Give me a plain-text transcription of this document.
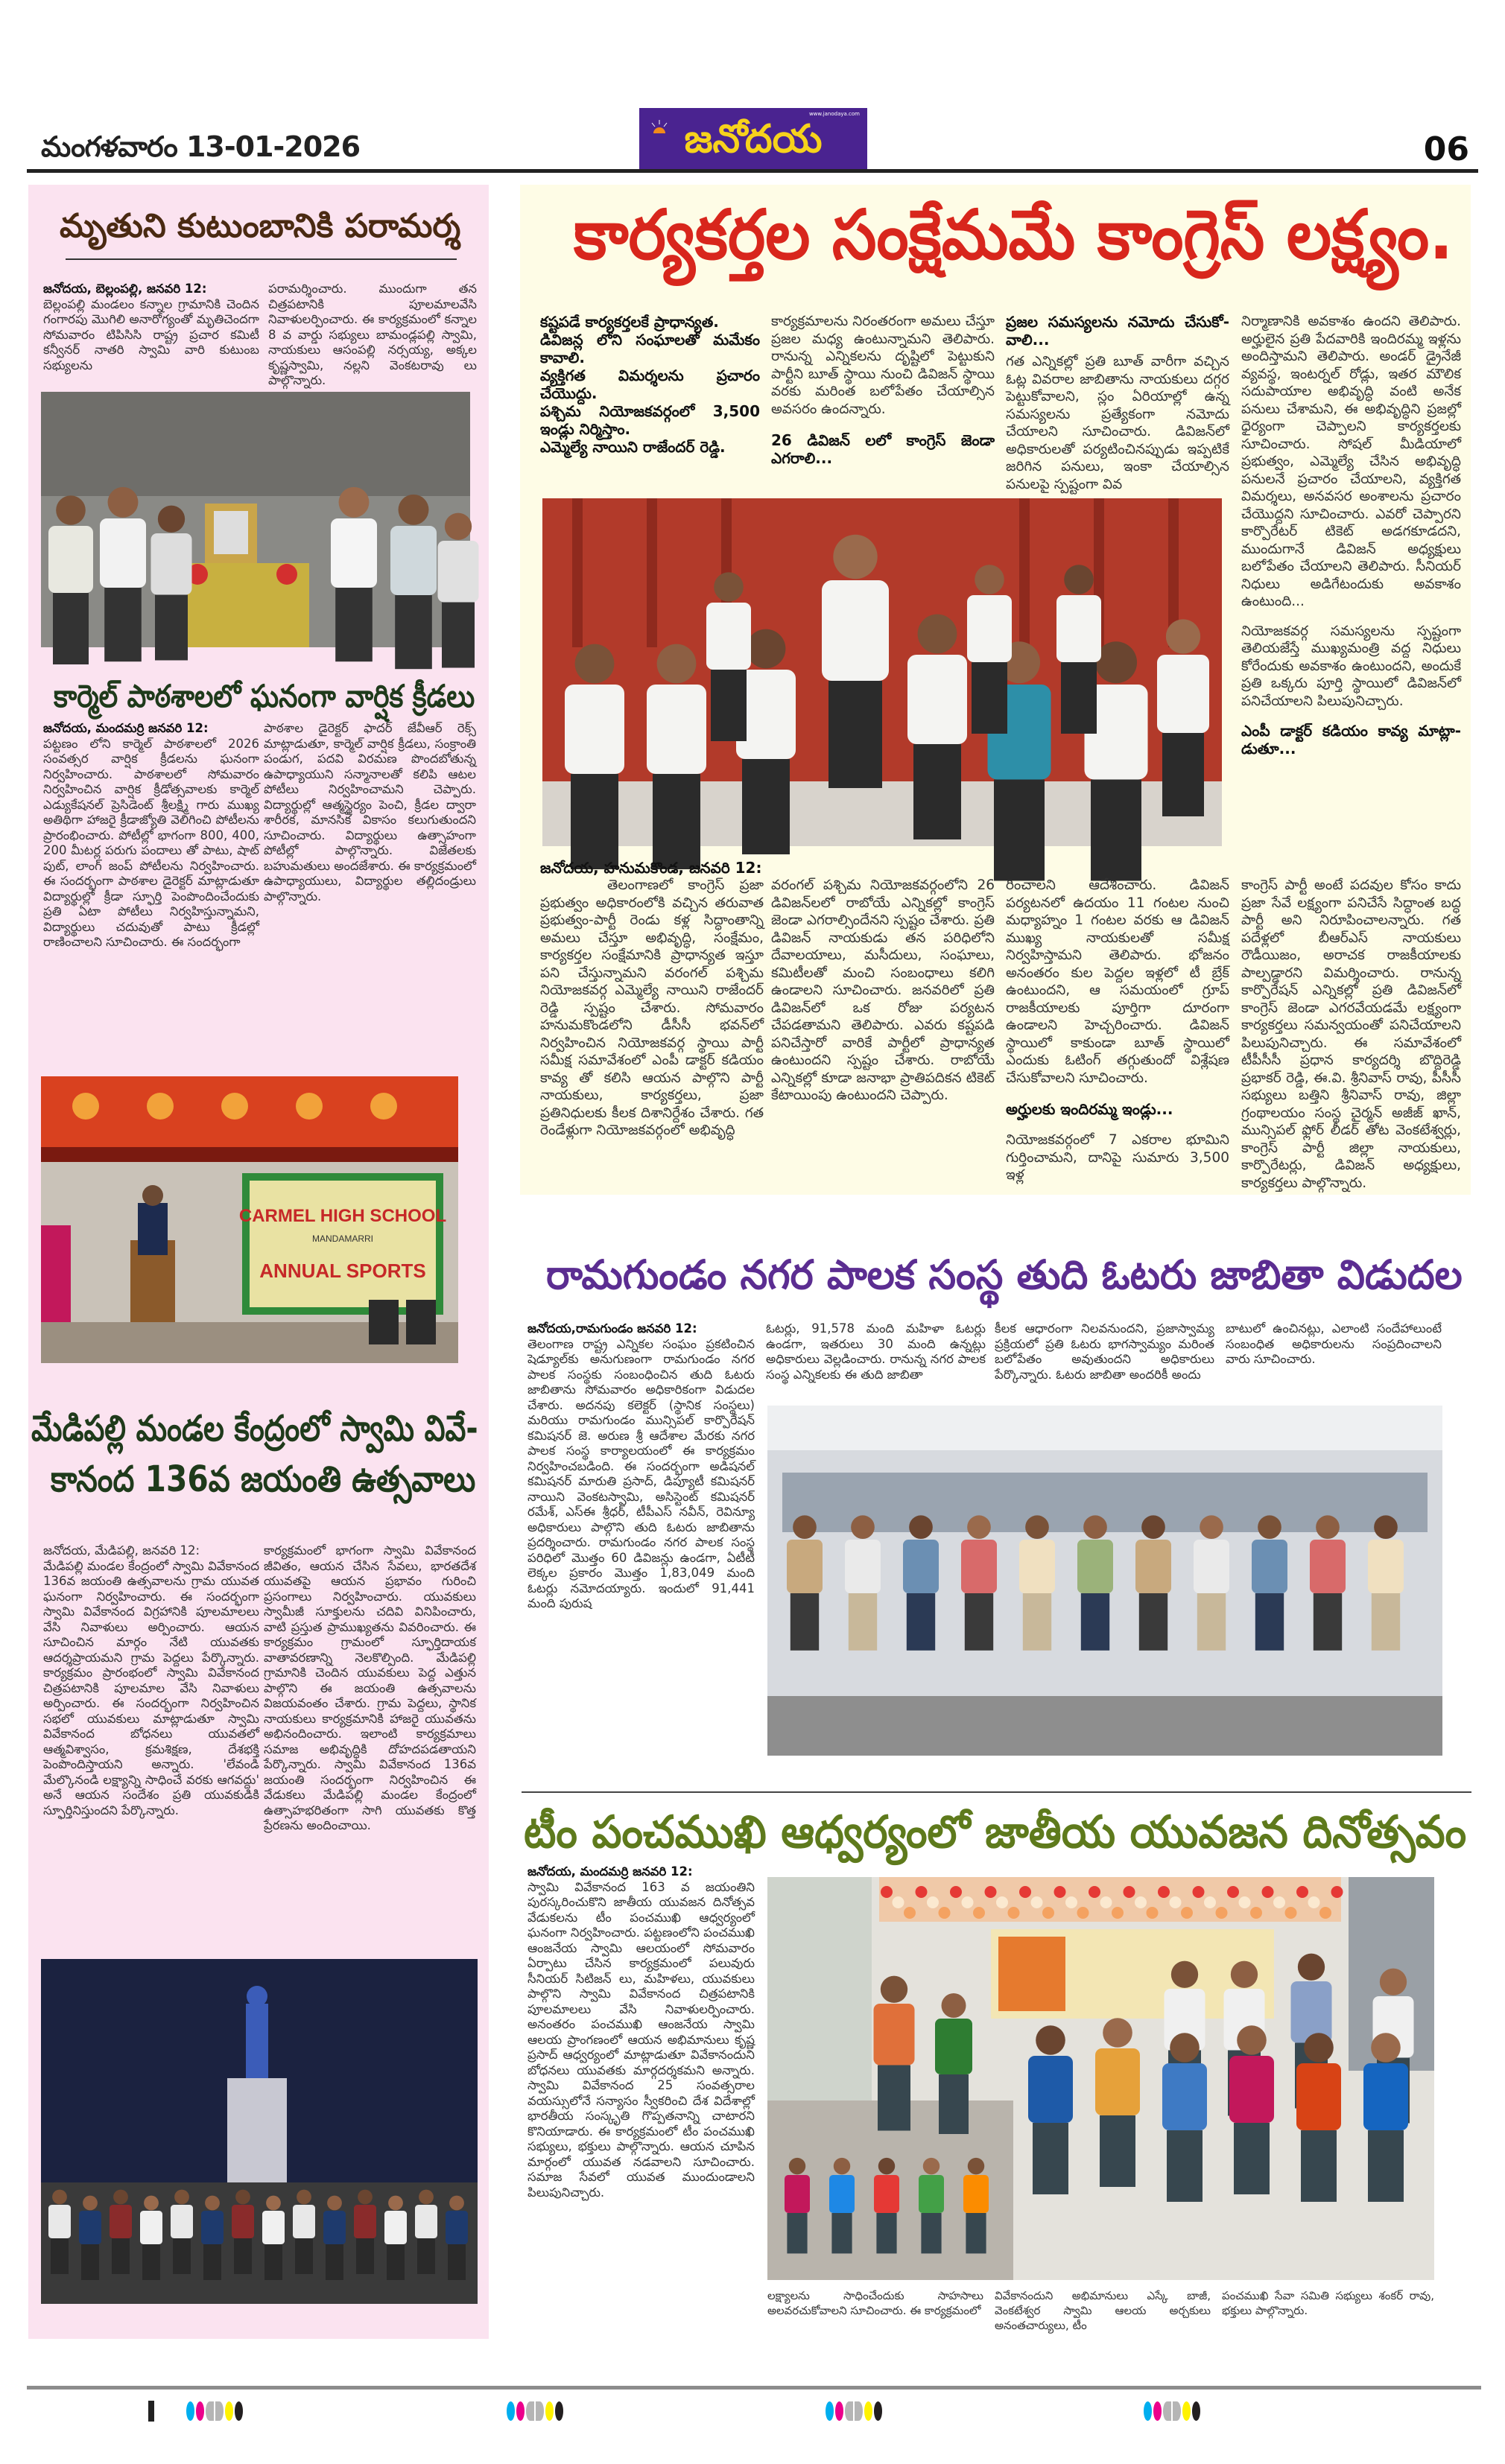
మంగళవారం 13-01-2026
www.janodaya.com
జనోదయ	06
మృతుని కుటుంబానికి పరామర్శ

జనోదయ, బెల్లంపల్లి, జనవరి 12:

బెల్లంపల్లి మండలం కన్నాల గ్రామానికి చెందిన గంగారపు మొగిలి అనారోగ్యంతో మృతిచెందగా సోమవారం టిపిసిసి రాష్ట్ర ప్రచార కమిటీ కన్వీనర్ నాతరి స్వామి వారి కుటుంబ సభ్యులను

పరామర్శించారు. ముందుగా తన చిత్రపటానికి పూలమాలవేసి నివాళులర్పించారు. ఈ కార్యక్రమంలో కన్నాల 8 వ వార్డు సభ్యులు బామండ్లపల్లి స్వామి, నాయకులు ఆసంపల్లి నర్సయ్య, అక్కల కృష్ణస్వామి, నల్లని వెంకటరావు లు పాల్గొన్నారు.

కార్మెల్ పాఠశాలలో ఘనంగా వార్షిక క్రీడలు

జనోదయ, మందమర్రి జనవరి 12:

పట్టణం లోని కార్మెల్ పాఠశాలలో 2026 సంవత్సర వార్షిక క్రీడలను ఘనంగా నిర్వహించారు. పాఠశాలలో సోమవారం నిర్వహించిన వార్షిక క్రీడోత్సవాలకు కార్మెల్ ఎడ్యుకేషనల్ ప్రెసిడెంట్ శ్రీలక్ష్మి గారు ముఖ్య అతిథిగా హాజరై క్రీడాజ్యోతి వెలిగించి పోటీలను ప్రారంభించారు. పోటీల్లో భాగంగా 800, 400, 200 మీటర్ల పరుగు పందాలు తో పాటు, షాట్ పుట్, లాంగ్ జంప్ పోటీలను నిర్వహించారు. ఈ సందర్భంగా పాఠశాల డైరెక్టర్ మాట్లాడుతూ విద్యార్థుల్లో క్రీడా స్ఫూర్తి పెంపొందించేందుకు ప్రతి ఏటా పోటీలు నిర్వహిస్తున్నామని, విద్యార్థులు చదువుతో పాటు క్రీడల్లో రాణించాలని సూచించారు. ఈ సందర్భంగా

పాఠశాల డైరెక్టర్ ఫాదర్ జేవీఆర్ రెక్స్ మాట్లాడుతూ, కార్మెల్ వార్షిక క్రీడలు, సంక్రాంతి పండుగ, పదవి విరమణ పొందబోతున్న ఉపాధ్యాయుని సన్మానాలతో కలిపి ఆటల పోటీలు నిర్వహించామని చెప్పారు. విద్యార్థుల్లో ఆత్మస్థైర్యం పెంచి, క్రీడల ద్వారా శారీరక, మానసిక వికాసం కలుగుతుందని సూచించారు. విద్యార్థులు ఉత్సాహంగా పోటీల్లో పాల్గొన్నారు. విజేతలకు బహుమతులు అందజేశారు. ఈ కార్యక్రమంలో ఉపాధ్యాయులు, విద్యార్థుల తల్లిదండ్రులు పాల్గొన్నారు.

CARMEL HIGH SCHOOL
MANDAMARRI
ANNUAL SPORTS
మేడిపల్లి మండల కేంద్రంలో స్వామి వివే-
కానంద 136వ జయంతి ఉత్సవాలు

జనోదయ, మేడిపల్లి, జనవరి 12:

మేడిపల్లి మండల కేంద్రంలో స్వామి వివేకానంద 136వ జయంతి ఉత్సవాలను గ్రామ యువత ఘనంగా నిర్వహించారు. ఈ సందర్భంగా స్వామి వివేకానంద విగ్రహానికి పూలమాలలు వేసి నివాళులు అర్పించారు. ఆయన సూచించిన మార్గం నేటి యువతకు ఆదర్శప్రాయమని గ్రామ పెద్దలు పేర్కొన్నారు. కార్యక్రమం ప్రారంభంలో స్వామి వివేకానంద చిత్రపటానికి పూలమాల వేసి నివాళులు అర్పించారు. ఈ సందర్భంగా నిర్వహించిన సభలో యువకులు మాట్లాడుతూ స్వామి వివేకానంద బోధనలు యువతలో ఆత్మవిశ్వాసం, క్రమశిక్షణ, దేశభక్తి పెంపొందిస్తాయని అన్నారు. 'లేవండి మేల్కొనండి లక్ష్యాన్ని సాధించే వరకు ఆగవద్దు' అనే ఆయన సందేశం ప్రతి యువకుడికి స్ఫూర్తినిస్తుందని పేర్కొన్నారు.

కార్యక్రమంలో భాగంగా స్వామి వివేకానంద జీవితం, ఆయన చేసిన సేవలు, భారతదేశ యువతపై ఆయన ప్రభావం గురించి ప్రసంగాలు నిర్వహించారు. యువకులు స్వామీజీ సూక్తులను చదివి వినిపించారు, వాటి ప్రస్తుత ప్రాముఖ్యతను వివరించారు. ఈ కార్యక్రమం గ్రామంలో స్ఫూర్తిదాయక వాతావరణాన్ని నెలకొల్పింది. మేడిపల్లి గ్రామానికి చెందిన యువకులు పెద్ద ఎత్తున పాల్గొని ఈ జయంతి ఉత్సవాలను విజయవంతం చేశారు. గ్రామ పెద్దలు, స్థానిక నాయకులు కార్యక్రమానికి హాజరై యువతను అభినందించారు. ఇలాంటి కార్యక్రమాలు సమాజ అభివృద్ధికి దోహదపడతాయని పేర్కొన్నారు. స్వామి వివేకానంద 136వ జయంతి సందర్భంగా నిర్వహించిన ఈ వేడుకలు మేడిపల్లి మండల కేంద్రంలో ఉత్సాహభరితంగా సాగి యువతకు కొత్త ప్రేరణను అందించాయి.

కార్యకర్తల సంక్షేమమే కాంగ్రెస్ లక్ష్యం.

కష్టపడే కార్యకర్తలకే ప్రాధాన్యత.

డివిజన్ల లోని సంఘాలతో మమేకం కావాలి.

వ్యక్తిగత విమర్శలను ప్రచారం చేయొద్దు.

పశ్చిమ నియోజకవర్గంలో 3,500 ఇండ్లు నిర్మిస్తాం.

ఎమ్మెల్యే నాయిని రాజేందర్ రెడ్డి.

కార్యక్రమాలను నిరంతరంగా అమలు చేస్తూ ప్రజల మధ్య ఉంటున్నామని తెలిపారు. రానున్న ఎన్నికలను దృష్టిలో పెట్టుకుని పార్టీని బూత్ స్థాయి నుంచి డివిజన్ స్థాయి వరకు మరింత బలోపేతం చేయాల్సిన అవసరం ఉందన్నారు.

26 డివిజన్ లలో కాంగ్రెస్ జెండా ఎగరాలి...

ప్రజల సమస్యలను నమోదు చేసుకో-వాలి...

గత ఎన్నికల్లో ప్రతి బూత్ వారీగా వచ్చిన ఓట్ల వివరాల జాబితాను నాయకులు దగ్గర పెట్టుకోవాలని, స్లం ఏరియాల్లో ఉన్న సమస్యలను ప్రత్యేకంగా నమోదు చేయాలని సూచించారు. డివిజన్‌లో అధికారులతో పర్యటించినప్పుడు ఇప్పటికే జరిగిన పనులు, ఇంకా చేయాల్సిన పనులపై స్పష్టంగా వివ

నిర్మాణానికి అవకాశం ఉందని తెలిపారు. అర్హులైన ప్రతి పేదవారికి ఇందిరమ్మ ఇళ్లను అందిస్తామని తెలిపారు. అండర్ డ్రైనేజీ వ్యవస్థ, ఇంటర్నల్ రోడ్లు, ఇతర మౌలిక సదుపాయాల అభివృద్ధి వంటి అనేక పనులు చేశామని, ఈ అభివృద్ధిని ప్రజల్లో ధైర్యంగా చెప్పాలని కార్యకర్తలకు సూచించారు. సోషల్ మీడియాలో ప్రభుత్వం, ఎమ్మెల్యే చేసిన అభివృద్ధి పనులనే ప్రచారం చేయాలని, వ్యక్తిగత విమర్శలు, అనవసర అంశాలను ప్రచారం చేయొద్దని సూచించారు. ఎవరో చెప్పారని కార్పొరేటర్ టికెట్ అడగకూడదని, ముందుగానే డివిజన్ అధ్యక్షులు బలోపేతం చేయాలని తెలిపారు. సీనియర్ నిధులు అడిగేటందుకు అవకాశం ఉంటుంది...

నియోజకవర్గ సమస్యలను స్పష్టంగా తెలియజేస్తే ముఖ్యమంత్రి వద్ద నిధులు కోరేందుకు అవకాశం ఉంటుందని, అందుకే ప్రతి ఒక్కరు పూర్తి స్థాయిలో డివిజన్‌లో పనిచేయాలని పిలుపునిచ్చారు.

ఎంపీ డాక్టర్ కడియం కావ్య మాట్లా-డుతూ...

జనోదయ, హనుమకొండ, జనవరి 12:

తెలంగాణలో కాంగ్రెస్ ప్రజా ప్రభుత్వం అధికారంలోకి వచ్చిన తరువాత ప్రభుత్వం-పార్టీ రెండు కళ్ల సిద్ధాంతాన్ని అమలు చేస్తూ అభివృద్ధి, సంక్షేమం, కార్యకర్తల సంక్షేమానికి ప్రాధాన్యత ఇస్తూ పని చేస్తున్నామని వరంగల్ పశ్చిమ నియోజకవర్గ ఎమ్మెల్యే నాయిని రాజేందర్ రెడ్డి స్పష్టం చేశారు. సోమవారం హనుమకొండలోని డీసీసీ భవన్‌లో నిర్వహించిన నియోజకవర్గ స్థాయి పార్టీ సమీక్ష సమావేశంలో ఎంపీ డాక్టర్ కడియం కావ్య తో కలిసి ఆయన పాల్గొని పార్టీ నాయకులు, కార్యకర్తలు, ప్రజా ప్రతినిధులకు కీలక దిశానిర్దేశం చేశారు. గత రెండేళ్లుగా నియోజకవర్గంలో అభివృద్ధి

వరంగల్ పశ్చిమ నియోజకవర్గంలోని 26 డివిజన్‌లలో రాబోయే ఎన్నికల్లో కాంగ్రెస్ జెండా ఎగరాల్సిందేనని స్పష్టం చేశారు. ప్రతి డివిజన్ నాయకుడు తన పరిధిలోని దేవాలయాలు, మసీదులు, సంఘాలు, కమిటీలతో మంచి సంబంధాలు కలిగి ఉండాలని సూచించారు. జనవరిలో ప్రతి డివిజన్‌లో ఒక రోజు పర్యటన చేపడతామని తెలిపారు. ఎవరు కష్టపడి పనిచేస్తారో వారికే పార్టీలో ప్రాధాన్యత ఉంటుందని స్పష్టం చేశారు. రాబోయే ఎన్నికల్లో కూడా జనాభా ప్రాతిపదికన టికెట్ కేటాయింపు ఉంటుందని చెప్పారు.

రించాలని ఆదేశించారు. డివిజన్ పర్యటనలో ఉదయం 11 గంటల నుంచి మధ్యాహ్నం 1 గంటల వరకు ఆ డివిజన్ ముఖ్య నాయకులతో సమీక్ష నిర్వహిస్తామని తెలిపారు. భోజనం అనంతరం కుల పెద్దల ఇళ్లలో టీ బ్రేక్ ఉంటుందని, ఆ సమయంలో గ్రూప్ రాజకీయాలకు పూర్తిగా దూరంగా ఉండాలని హెచ్చరించారు. డివిజన్ స్థాయిలో కాకుండా బూత్ స్థాయిలో ఎందుకు ఓటింగ్ తగ్గుతుందో విశ్లేషణ చేసుకోవాలని సూచించారు.

అర్హులకు ఇందిరమ్మ ఇండ్లు...

నియోజకవర్గంలో 7 ఎకరాల భూమిని గుర్తించామని, దానిపై సుమారు 3,500 ఇళ్ల

కాంగ్రెస్ పార్టీ అంటే పదవుల కోసం కాదు ప్రజా సేవే లక్ష్యంగా పనిచేసే సిద్ధాంత బద్ధ పార్టీ అని నిరూపించాలన్నారు. గత పదేళ్లలో బీఆర్ఎస్ నాయకులు రౌడీయిజం, అరాచక రాజకీయాలకు పాల్పడ్డారని విమర్శించారు. రానున్న కార్పొరేషన్ ఎన్నికల్లో ప్రతి డివిజన్‌లో కాంగ్రెస్ జెండా ఎగరవేయడమే లక్ష్యంగా కార్యకర్తలు సమన్వయంతో పనిచేయాలని పిలుపునిచ్చారు. ఈ సమావేశంలో టీపీసీసీ ప్రధాన కార్యదర్శి బొద్దిరెడ్డి ప్రభాకర్ రెడ్డి, ఈ.వి. శ్రీనివాస్ రావు, పీసీసీ సభ్యులు బత్తిని శ్రీనివాస్ రావు, జిల్లా గ్రంథాలయం సంస్థ చైర్మన్ అజీజ్ ఖాన్, మున్సిపల్ ఫ్లోర్ లీడర్ తోట వెంకటేశ్వర్లు, కాంగ్రెస్ పార్టీ జిల్లా నాయకులు, కార్పొరేటర్లు, డివిజన్ అధ్యక్షులు, కార్యకర్తలు పాల్గొన్నారు.

రామగుండం నగర పాలక సంస్థ తుది ఓటరు జాబితా విడుదల

జనోదయ,రామగుండం జనవరి 12:

తెలంగాణ రాష్ట్ర ఎన్నికల సంఘం ప్రకటించిన షెడ్యూల్‌కు అనుగుణంగా రామగుండం నగర పాలక సంస్థకు సంబంధించిన తుది ఓటరు జాబితాను సోమవారం అధికారికంగా విడుదల చేశారు. అదనపు కలెక్టర్ (స్థానిక సంస్థలు) మరియు రామగుండం మున్సిపల్ కార్పొరేషన్ కమిషనర్ జె. అరుణ శ్రీ ఆదేశాల మేరకు నగర పాలక సంస్థ కార్యాలయంలో ఈ కార్యక్రమం నిర్వహించబడింది. ఈ సందర్భంగా అడిషనల్ కమిషనర్ మారుతి ప్రసాద్, డిప్యూటీ కమిషనర్ నాయిని వెంకటస్వామి, అసిస్టెంట్ కమిషనర్ రమేశ్, ఎస్ఈ శ్రీధర్, టీపీఎస్ నవీన్, రెవిన్యూ అధికారులు పాల్గొని తుది ఓటరు జాబితాను ప్రదర్శించారు. రామగుండం నగర పాలక సంస్థ పరిధిలో మొత్తం 60 డివిజన్లు ఉండగా, ఏటీటీ లెక్కల ప్రకారం మొత్తం 1,83,049 మంది ఓటర్లు నమోదయ్యారు. ఇందులో 91,441 మంది పురుష

ఓటర్లు, 91,578 మంది మహిళా ఓటర్లు ఉండగా, ఇతరులు 30 మంది ఉన్నట్లు అధికారులు వెల్లడించారు. రానున్న నగర పాలక సంస్థ ఎన్నికలకు ఈ తుది జాబితా

కీలక ఆధారంగా నిలవనుందని, ప్రజాస్వామ్య ప్రక్రియలో ప్రతి ఓటరు భాగస్వామ్యం మరింత బలోపేతం అవుతుందని అధికారులు పేర్కొన్నారు. ఓటరు జాబితా అందరికీ అందు

బాటులో ఉంచినట్లు, ఎలాంటి సందేహాలుంటే సంబంధిత అధికారులను సంప్రదించాలని వారు సూచించారు.

టీం పంచముఖి ఆధ్వర్యంలో జాతీయ యువజన దినోత్సవం

జనోదయ, మందమర్రి జనవరి 12:

స్వామి వివేకానంద 163 వ జయంతిని పురస్కరించుకొని జాతీయ యువజన దినోత్సవ వేడుకలను టీం పంచముఖి ఆధ్వర్యంలో ఘనంగా నిర్వహించారు. పట్టణంలోని పంచముఖి ఆంజనేయ స్వామి ఆలయంలో సోమవారం ఏర్పాటు చేసిన కార్యక్రమంలో పలువురు సీనియర్ సిటిజన్ లు, మహిళలు, యువకులు పాల్గొని స్వామి వివేకానంద చిత్రపటానికి పూలమాలలు వేసి నివాళులర్పించారు. అనంతరం పంచముఖి ఆంజనేయ స్వామి ఆలయ ప్రాంగణంలో ఆయన అభిమానులు కృష్ణ ప్రసాద్ ఆధ్వర్యంలో మాట్లాడుతూ వివేకానందుని బోధనలు యువతకు మార్గదర్శకమని అన్నారు. స్వామి వివేకానంద 25 సంవత్సరాల వయస్సులోనే సన్యాసం స్వీకరించి దేశ విదేశాల్లో భారతీయ సంస్కృతి గొప్పతనాన్ని చాటారని కొనియాడారు. ఈ కార్యక్రమంలో టీం పంచముఖి సభ్యులు, భక్తులు పాల్గొన్నారు. ఆయన చూపిన మార్గంలో యువత నడవాలని సూచించారు. సమాజ సేవలో యువత ముందుండాలని పిలుపునిచ్చారు.

లక్ష్యాలను సాధించేందుకు సాహసాలు అలవరచుకోవాలని సూచించారు. ఈ కార్యక్రమంలో

వివేకానందుని అభిమానులు ఎస్కే బాజీ, వెంకటేశ్వర స్వామి ఆలయ అర్చకులు అనంతచార్యులు, టీం

పంచముఖి సేవా సమితి సభ్యులు శంకర్ రావు, భక్తులు పాల్గొన్నారు.
